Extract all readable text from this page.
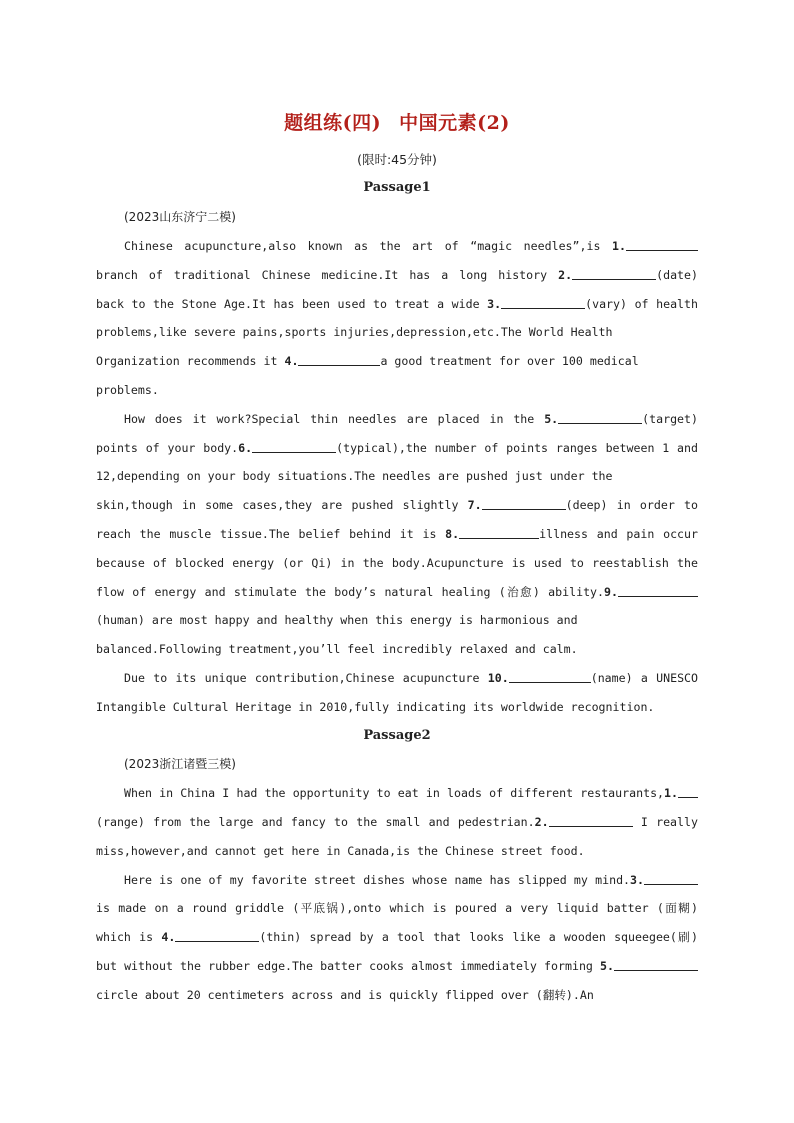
题组练(四) 中国元素(2)
(限时:45分钟)
Passage1
(2023山东济宁二模)
Chinese acupuncture,also known as the art of “magic needles”,is 1.
branch of traditional Chinese medicine.It has a long history 2.	(date)
back to the Stone Age.It has been used to treat a wide 3.	(vary) of health
problems,like severe pains,sports injuries,depression,etc.The World Health
Organization recommends it 4.	a good treatment for over 100 medical
problems.
How does it work?Special thin needles are placed in the 5.	(target)
points of your body.6.	(typical),the number of points ranges between 1 and
12,depending on your body situations.The needles are pushed just under the
skin,though in some cases,they are pushed slightly 7.	(deep) in order to
reach the muscle tissue.The belief behind it is 8.	illness and pain occur
because of blocked energy (or Qi) in the body.Acupuncture is used to reestablish the
flow of energy and stimulate the body’s natural healing (治愈) ability.9.
(human) are most happy and healthy when this energy is harmonious and
balanced.Following treatment,you’ll feel incredibly relaxed and calm.
Due to its unique contribution,Chinese acupuncture 10.	(name) a UNESCO
Intangible Cultural Heritage in 2010,fully indicating its worldwide recognition.
Passage2
(2023浙江诸暨三模)
When in China I had the opportunity to eat in loads of different restaurants,1.
(range) from the large and fancy to the small and pedestrian.2.	I really
miss,however,and cannot get here in Canada,is the Chinese street food.
Here is one of my favorite street dishes whose name has slipped my mind.3.
is made on a round griddle (平底锅),onto which is poured a very liquid batter (面糊)
which is 4.	(thin) spread by a tool that looks like a wooden squeegee(刷)
but without the rubber edge.The batter cooks almost immediately forming 5.
circle about 20 centimeters across and is quickly flipped over (翻转).An
